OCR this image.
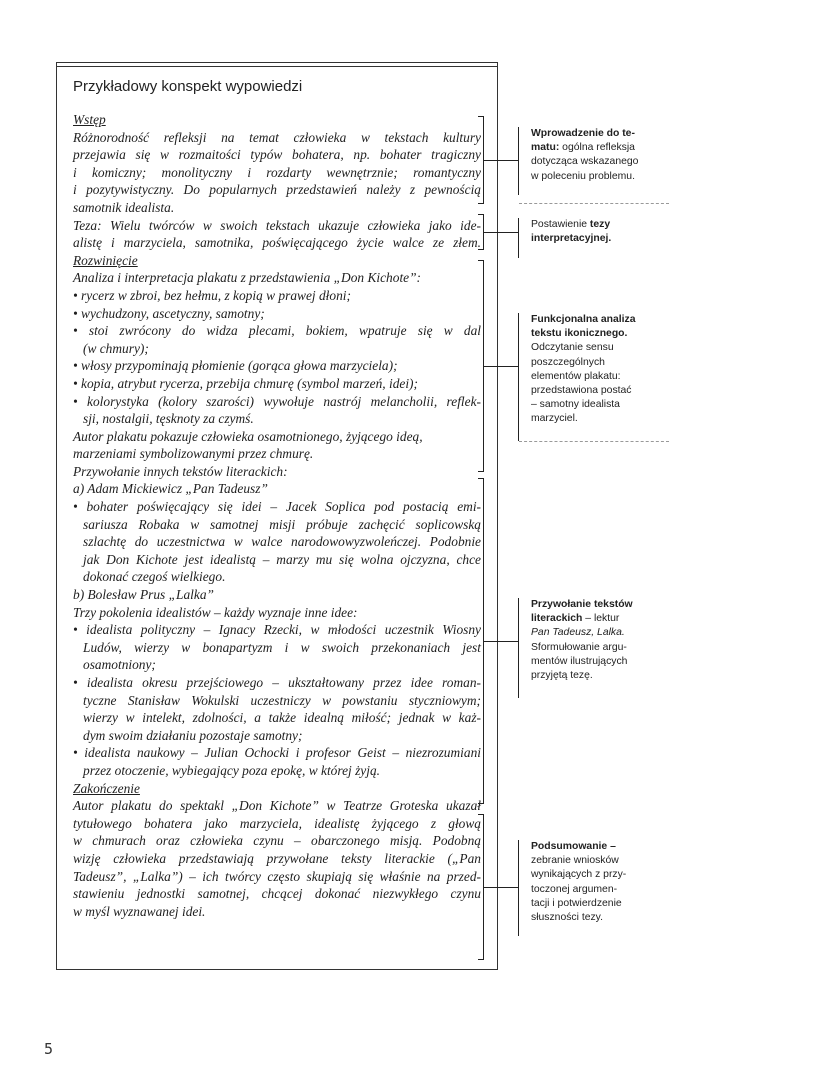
Przykładowy konspekt wypowiedzi
Wstęp
Różnorodność refleksji na temat człowieka w tekstach kultury
przejawia się w rozmaitości typów bohatera, np. bohater tragiczny
i komiczny; monolityczny i rozdarty wewnętrznie; romantyczny
i pozytywistyczny. Do popularnych przedstawień należy z pewnością
samotnik idealista.
Teza: Wielu twórców w swoich tekstach ukazuje człowieka jako ide-
alistę i marzyciela, samotnika, poświęcającego życie walce ze złem.
Rozwinięcie
Analiza i interpretacja plakatu z przedstawienia „Don Kichote”:
• rycerz w zbroi, bez hełmu, z kopią w prawej dłoni;
• wychudzony, ascetyczny, samotny;
• stoi zwrócony do widza plecami, bokiem, wpatruje się w dal
(w chmury);
• włosy przypominają płomienie (gorąca głowa marzyciela);
• kopia, atrybut rycerza, przebija chmurę (symbol marzeń, idei);
• kolorystyka (kolory szarości) wywołuje nastrój melancholii, reflek-
sji, nostalgii, tęsknoty za czymś.
Autor plakatu pokazuje człowieka osamotnionego, żyjącego ideą,
marzeniami symbolizowanymi przez chmurę.
Przywołanie innych tekstów literackich:
a) Adam Mickiewicz „Pan Tadeusz”
• bohater poświęcający się idei – Jacek Soplica pod postacią emi-
sariusza Robaka w samotnej misji próbuje zachęcić soplicowską
szlachtę do uczestnictwa w walce narodowowyzwoleńczej. Podobnie
jak Don Kichote jest idealistą – marzy mu się wolna ojczyzna, chce
dokonać czegoś wielkiego.
b) Bolesław Prus „Lalka”
Trzy pokolenia idealistów – każdy wyznaje inne idee:
• idealista polityczny – Ignacy Rzecki, w młodości uczestnik Wiosny
Ludów, wierzy w bonapartyzm i w swoich przekonaniach jest
osamotniony;
• idealista okresu przejściowego – ukształtowany przez idee roman-
tyczne Stanisław Wokulski uczestniczy w powstaniu styczniowym;
wierzy w intelekt, zdolności, a także idealną miłość; jednak w każ-
dym swoim działaniu pozostaje samotny;
• idealista naukowy – Julian Ochocki i profesor Geist – niezrozumiani
przez otoczenie, wybiegający poza epokę, w której żyją.
Zakończenie
Autor plakatu do spektakl „Don Kichote” w Teatrze Groteska ukazał
tytułowego bohatera jako marzyciela, idealistę żyjącego z głową
w chmurach oraz człowieka czynu – obarczonego misją. Podobną
wizję człowieka przedstawiają przywołane teksty literackie („Pan
Tadeusz”, „Lalka”) – ich twórcy często skupiają się właśnie na przed-
stawieniu jednostki samotnej, chcącej dokonać niezwykłego czynu
w myśl wyznawanej idei.
Wprowadzenie do te-
matu: ogólna refleksja
dotycząca wskazanego
w poleceniu problemu.
Postawienie tezy
interpretacyjnej.
Funkcjonalna analiza
tekstu ikonicznego.
Odczytanie sensu
poszczególnych
elementów plakatu:
przedstawiona postać
– samotny idealista
marzyciel.
Przywołanie tekstów
literackich – lektur
Pan Tadeusz, Lalka.
Sformułowanie argu-
mentów ilustrujących
przyjętą tezę.
Podsumowanie –
zebranie wniosków
wynikających z przy-
toczonej argumen-
tacji i potwierdzenie
słuszności tezy.
5
